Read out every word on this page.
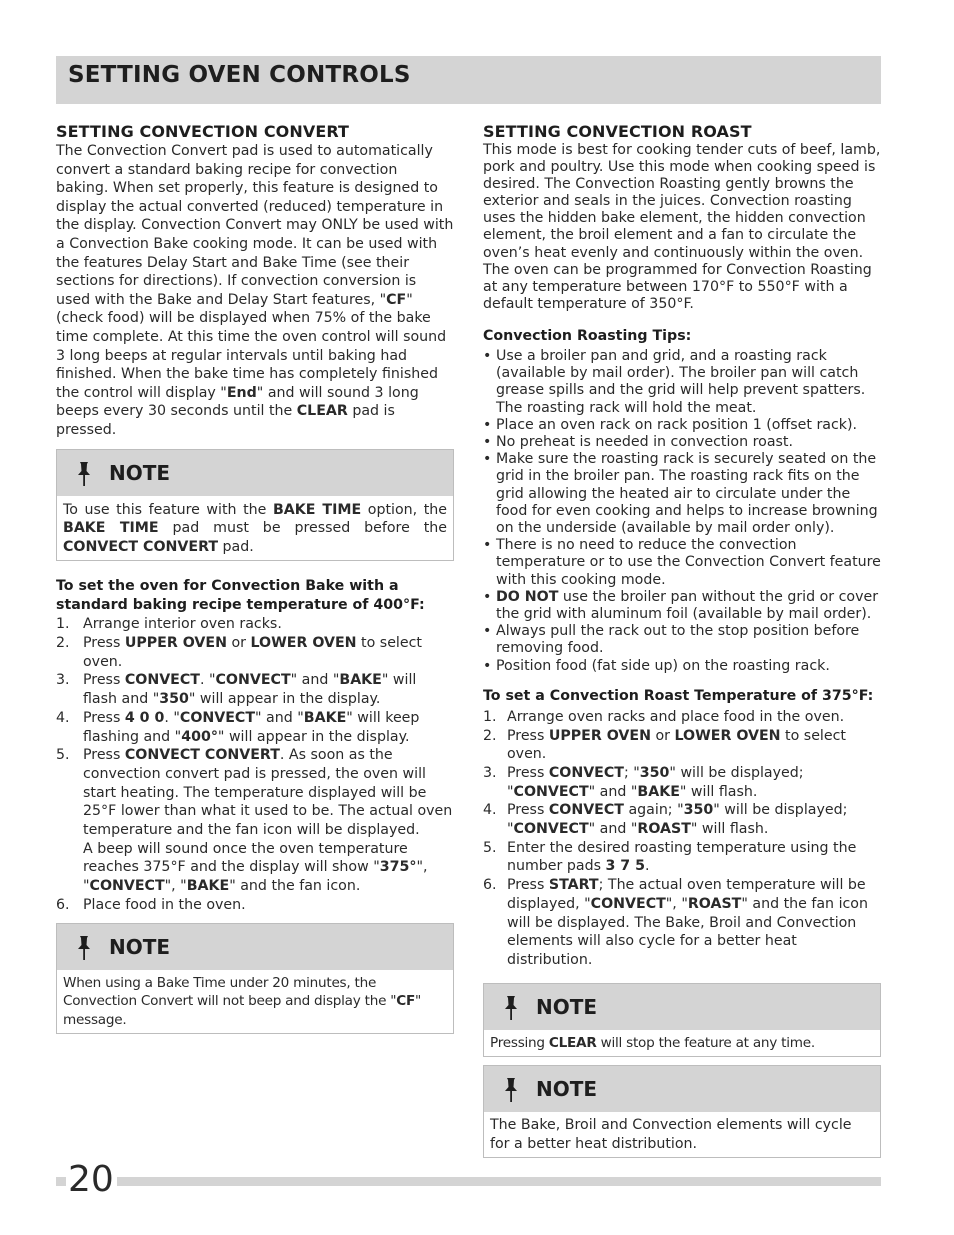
SETTING OVEN CONTROLS
SETTING CONVECTION CONVERT

The Convection Convert pad is used to automatically convert a standard baking recipe for convection baking. When set properly, this feature is designed to display the actual converted (reduced) temperature in the display. Convection Convert may ONLY be used with a Convection Bake cooking mode. It can be used with the features Delay Start and Bake Time (see their sections for directions). If convection conversion is used with the Bake and Delay Start features, "CF" (check food) will be displayed when 75% of the bake time complete. At this time the oven control will sound 3 long beeps at regular intervals until baking had finished. When the bake time has completely finished the control will display "End" and will sound 3 long beeps every 30 seconds until the CLEAR pad is pressed.

NOTE
To use this feature with the BAKE TIME option, the BAKE TIME pad must be pressed before the CONVECT CONVERT pad.
To set the oven for Convection Bake with a standard baking recipe temperature of 400°F:
1. Arrange interior oven racks.
2. Press UPPER OVEN or LOWER OVEN to select oven.
3. Press CONVECT. "CONVECT" and "BAKE" will flash and "350" will appear in the display.
4. Press 4 0 0. "CONVECT" and "BAKE" will keep flashing and "400°" will appear in the display.
5. Press CONVECT CONVERT. As soon as the convection convert pad is pressed, the oven will start heating. The temperature displayed will be 25°F lower than what it used to be. The actual oven temperature and the fan icon will be displayed.
A beep will sound once the oven temperature reaches 375°F and the display will show "375°", "CONVECT", "BAKE" and the fan icon.
6. Place food in the oven.
NOTE
When using a Bake Time under 20 minutes, the Convection Convert will not beep and display the "CF" message.
SETTING CONVECTION ROAST

This mode is best for cooking tender cuts of beef, lamb, pork and poultry. Use this mode when cooking speed is desired. The Convection Roasting gently browns the exterior and seals in the juices. Convection roasting uses the hidden bake element, the hidden convection element, the broil element and a fan to circulate the oven’s heat evenly and continuously within the oven. The oven can be programmed for Convection Roasting at any temperature between 170°F to 550°F with a default temperature of 350°F.

Convection Roasting Tips:
• Use a broiler pan and grid, and a roasting rack (available by mail order). The broiler pan will catch grease spills and the grid will help prevent spatters. The roasting rack will hold the meat.
• Place an oven rack on rack position 1 (offset rack).
• No preheat is needed in convection roast.
• Make sure the roasting rack is securely seated on the grid in the broiler pan. The roasting rack fits on the grid allowing the heated air to circulate under the food for even cooking and helps to increase browning on the underside (available by mail order only).
• There is no need to reduce the convection temperature or to use the Convection Convert feature with this cooking mode.
• DO NOT use the broiler pan without the grid or cover the grid with aluminum foil (available by mail order).
• Always pull the rack out to the stop position before removing food.
• Position food (fat side up) on the roasting rack.
To set a Convection Roast Temperature of 375°F:
1. Arrange oven racks and place food in the oven.
2. Press UPPER OVEN or LOWER OVEN to select oven.
3. Press CONVECT; "350" will be displayed; "CONVECT" and "BAKE" will flash.
4. Press CONVECT again; "350" will be displayed; "CONVECT" and "ROAST" will flash.
5. Enter the desired roasting temperature using the number pads 3 7 5.
6. Press START; The actual oven temperature will be displayed, "CONVECT", "ROAST" and the fan icon will be displayed. The Bake, Broil and Convection elements will also cycle for a better heat distribution.
NOTE
Pressing CLEAR will stop the feature at any time.
NOTE
The Bake, Broil and Convection elements will cycle for a better heat distribution.
20
